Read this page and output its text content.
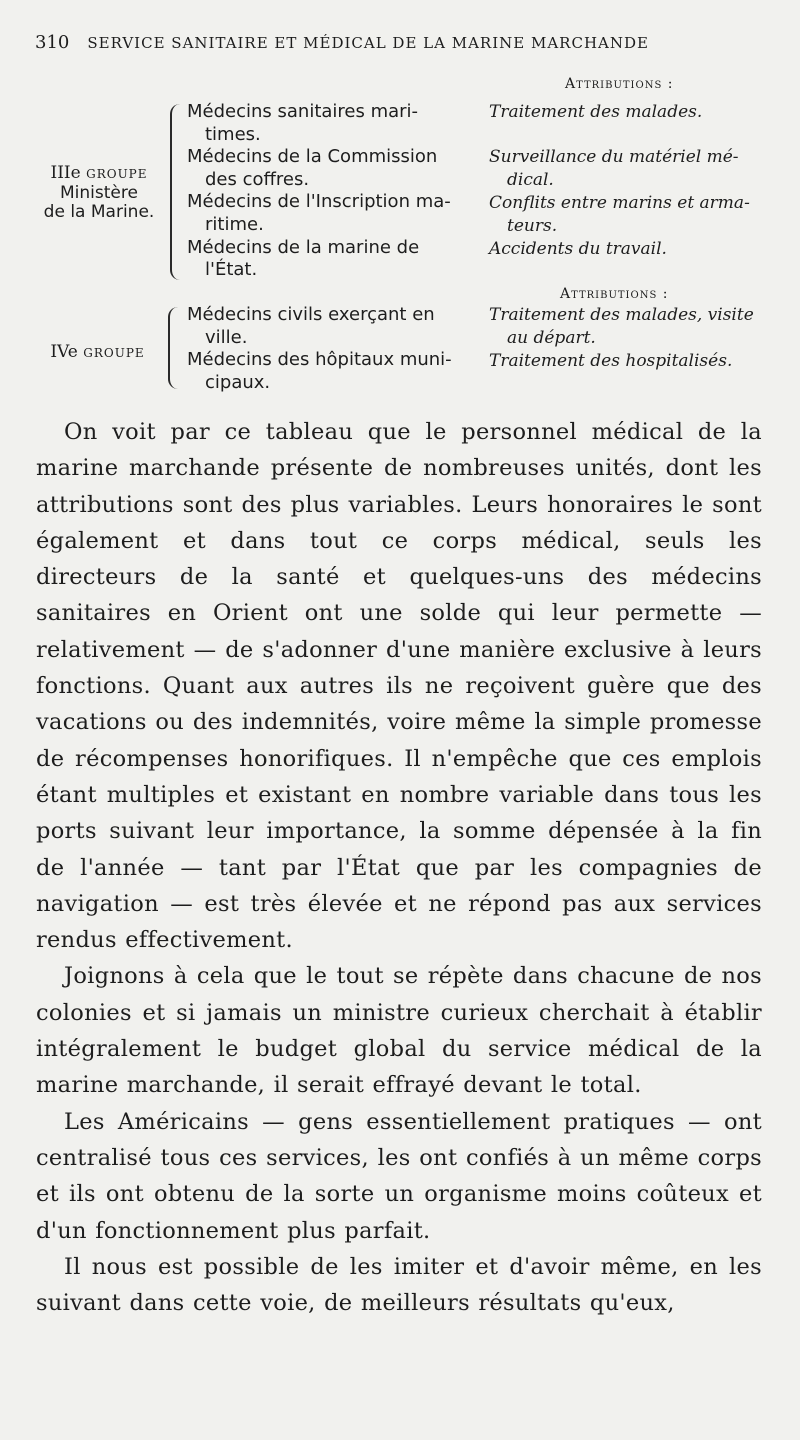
310 SERVICE SANITAIRE ET MÉDICAL DE LA MARINE MARCHANDE
Attributions :
IIIe GROUPE
Ministère
de la Marine.
Médecins sanitaires mari-
times.
Médecins de la Commission
des coffres.
Médecins de l'Inscription ma-
ritime.
Médecins de la marine de
l'État.
Traitement des malades.
Surveillance du matériel mé-
dical.
Conflits entre marins et arma-
teurs.
Accidents du travail.
Attributions :
IVe GROUPE
Médecins civils exerçant en
ville.
Médecins des hôpitaux muni-
cipaux.
Traitement des malades, visite
au départ.
Traitement des hospitalisés.

On voit par ce tableau que le personnel médical de la marine marchande présente de nombreuses unités, dont les attributions sont des plus variables. Leurs honoraires le sont également et dans tout ce corps médical, seuls les directeurs de la santé et quelques-uns des médecins sanitaires en Orient ont une solde qui leur permette — relativement — de s'adonner d'une manière exclusive à leurs fonctions. Quant aux autres ils ne reçoivent guère que des vacations ou des indemnités, voire même la simple promesse de récompenses honorifiques. Il n'empêche que ces emplois étant multiples et existant en nombre variable dans tous les ports suivant leur importance, la somme dépensée à la fin de l'année — tant par l'État que par les compagnies de navigation — est très élevée et ne répond pas aux services rendus effectivement.

Joignons à cela que le tout se répète dans chacune de nos colonies et si jamais un ministre curieux cherchait à établir intégralement le budget global du service médical de la marine marchande, il serait effrayé devant le total.

Les Américains — gens essentiellement pratiques — ont centralisé tous ces services, les ont confiés à un même corps et ils ont obtenu de la sorte un organisme moins coûteux et d'un fonctionnement plus parfait.

Il nous est possible de les imiter et d'avoir même, en les suivant dans cette voie, de meilleurs résultats qu'eux,
